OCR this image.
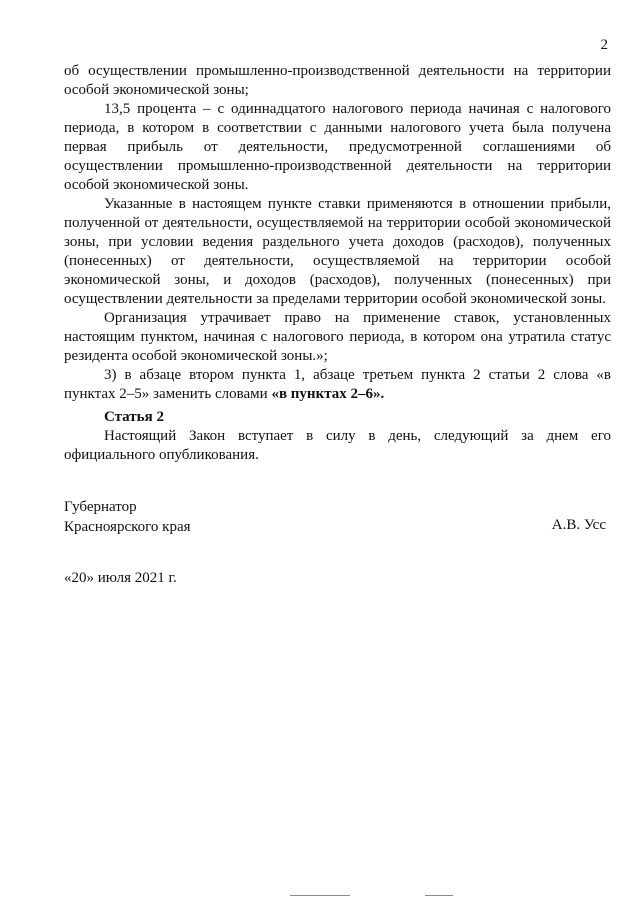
2

об осуществлении промышленно-производственной деятельности на территории особой экономической зоны;

13,5 процента – с одиннадцатого налогового периода начиная с налогового периода, в котором в соответствии с данными налогового учета была получена первая прибыль от деятельности, предусмотренной соглашениями об осуществлении промышленно-производственной деятельности на территории особой экономической зоны.

Указанные в настоящем пункте ставки применяются в отношении прибыли, полученной от деятельности, осуществляемой на территории особой экономической зоны, при условии ведения раздельного учета доходов (расходов), полученных (понесенных) от деятельности, осуществляемой на территории особой экономической зоны, и доходов (расходов), полученных (понесенных) при осуществлении деятельности за пределами территории особой экономической зоны.

Организация утрачивает право на применение ставок, установленных настоящим пунктом, начиная с налогового периода, в котором она утратила статус резидента особой экономической зоны.»;

3) в абзаце втором пункта 1, абзаце третьем пункта 2 статьи 2 слова «в пунктах 2–5» заменить словами «в пунктах 2–6».

Статья 2

Настоящий Закон вступает в силу в день, следующий за днем его официального опубликования.

Губернатор
Красноярского края	А.В. Усс
«20» июля 2021 г.
